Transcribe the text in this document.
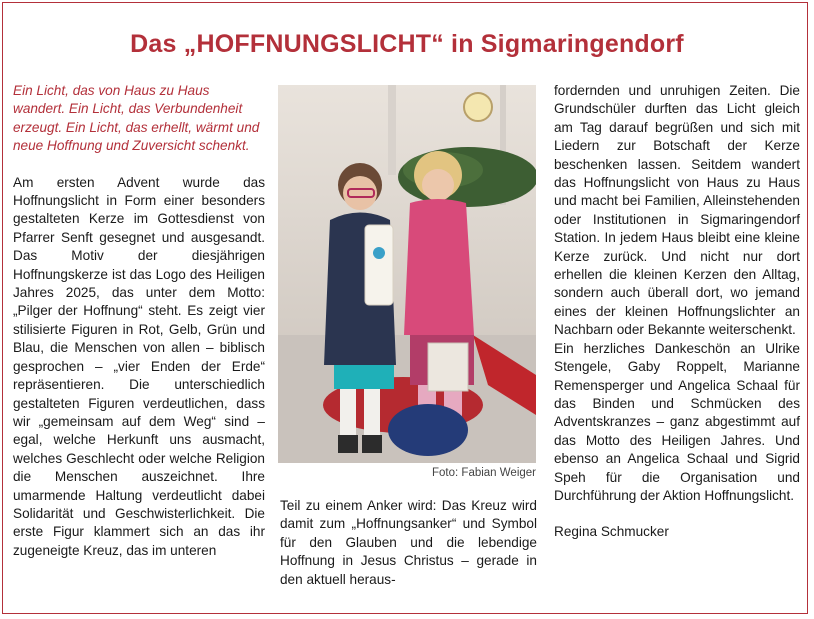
Das „HOFFNUNGSLICHT“ in Sigmaringendorf

Ein Licht, das von Haus zu Haus wandert. Ein Licht, das Verbundenheit erzeugt. Ein Licht, das erhellt, wärmt und neue Hoffnung und Zuversicht schenkt.

Am ersten Advent wurde das Hoffnungslicht in Form einer besonders gestalteten Kerze im Gottesdienst von Pfarrer Senft gesegnet und ausgesandt. Das Motiv der diesjährigen Hoffnungskerze ist das Logo des Heiligen Jahres 2025, das unter dem Motto: „Pilger der Hoffnung“ steht. Es zeigt vier stilisierte Figuren in Rot, Gelb, Grün und Blau, die Menschen von allen – biblisch gesprochen – „vier Enden der Erde“ repräsentieren. Die unterschiedlich gestalteten Figuren verdeutlichen, dass wir „gemeinsam auf dem Weg“ sind – egal, welche Herkunft uns ausmacht, welches Geschlecht oder welche Religion die Menschen auszeichnet. Ihre umarmende Haltung verdeutlicht dabei Solidarität und Geschwisterlichkeit. Die erste Figur klammert sich an das ihr zugeneigte Kreuz, das im unteren

Foto: Fabian Weiger

Teil zu einem Anker wird: Das Kreuz wird damit zum „Hoffnungsanker“ und Symbol für den Glauben und die lebendige Hoffnung in Jesus Christus – gerade in den aktuell heraus-

fordernden und unruhigen Zeiten. Die Grundschüler durften das Licht gleich am Tag darauf begrüßen und sich mit Liedern zur Botschaft der Kerze beschenken lassen. Seitdem wandert das Hoffnungslicht von Haus zu Haus und macht bei Familien, Alleinstehenden oder Institutionen in Sigmaringendorf Station. In jedem Haus bleibt eine kleine Kerze zurück. Und nicht nur dort erhellen die kleinen Kerzen den Alltag, sondern auch überall dort, wo jemand eines der kleinen Hoffnungslichter an Nachbarn oder Bekannte weiterschenkt.

Ein herzliches Dankeschön an Ulrike Stengele, Gaby Roppelt, Marianne Remensperger und Angelica Schaal für das Binden und Schmücken des Adventskranzes – ganz abgestimmt auf das Motto des Heiligen Jahres. Und ebenso an Angelica Schaal und Sigrid Speh für die Organisation und Durchführung der Aktion Hoffnungslicht.

Regina Schmucker
